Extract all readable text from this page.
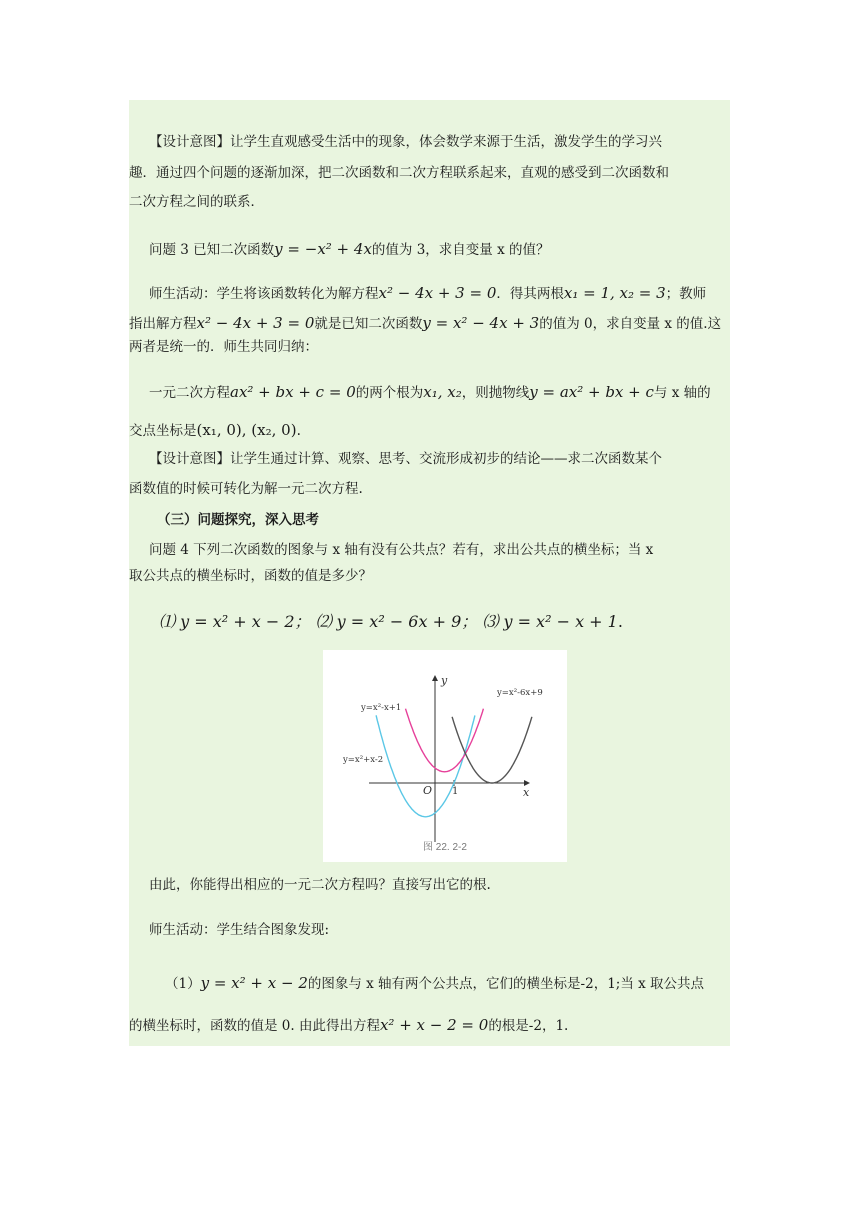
【设计意图】让学生直观感受生活中的现象，体会数学来源于生活，激发学生的学习兴
趣．通过四个问题的逐渐加深，把二次函数和二次方程联系起来，直观的感受到二次函数和
二次方程之间的联系．
问题 3 已知二次函数y = −x² + 4x的值为 3，求自变量 x 的值？
师生活动：学生将该函数转化为解方程x² − 4x + 3 = 0．得其两根x₁ = 1, x₂ = 3；教师
指出解方程x² − 4x + 3 = 0就是已知二次函数y = x² − 4x + 3的值为 0，求自变量 x 的值.这
两者是统一的．师生共同归纳：
一元二次方程ax² + bx + c = 0的两个根为x₁, x₂，则抛物线y = ax² + bx + c与 x 轴的
交点坐标是(x₁, 0), (x₂, 0).
【设计意图】让学生通过计算、观察、思考、交流形成初步的结论——求二次函数某个
函数值的时候可转化为解一元二次方程.
（三）问题探究，深入思考
问题 4 下列二次函数的图象与 x 轴有没有公共点？若有，求出公共点的横坐标；当 x
取公共点的横坐标时，函数的值是多少？
⑴ y = x² + x − 2； ⑵ y = x² − 6x + 9； ⑶ y = x² − x + 1.
y
x
O 1
y=x²-x+1
y=x²+x-2
y=x²-6x+9
图 22. 2-2
由此，你能得出相应的一元二次方程吗？直接写出它的根.
师生活动：学生结合图象发现:
（1）y = x² + x − 2的图象与 x 轴有两个公共点，它们的横坐标是-2，1;当 x 取公共点
的横坐标时，函数的值是 0. 由此得出方程x² + x − 2 = 0的根是-2，1.
